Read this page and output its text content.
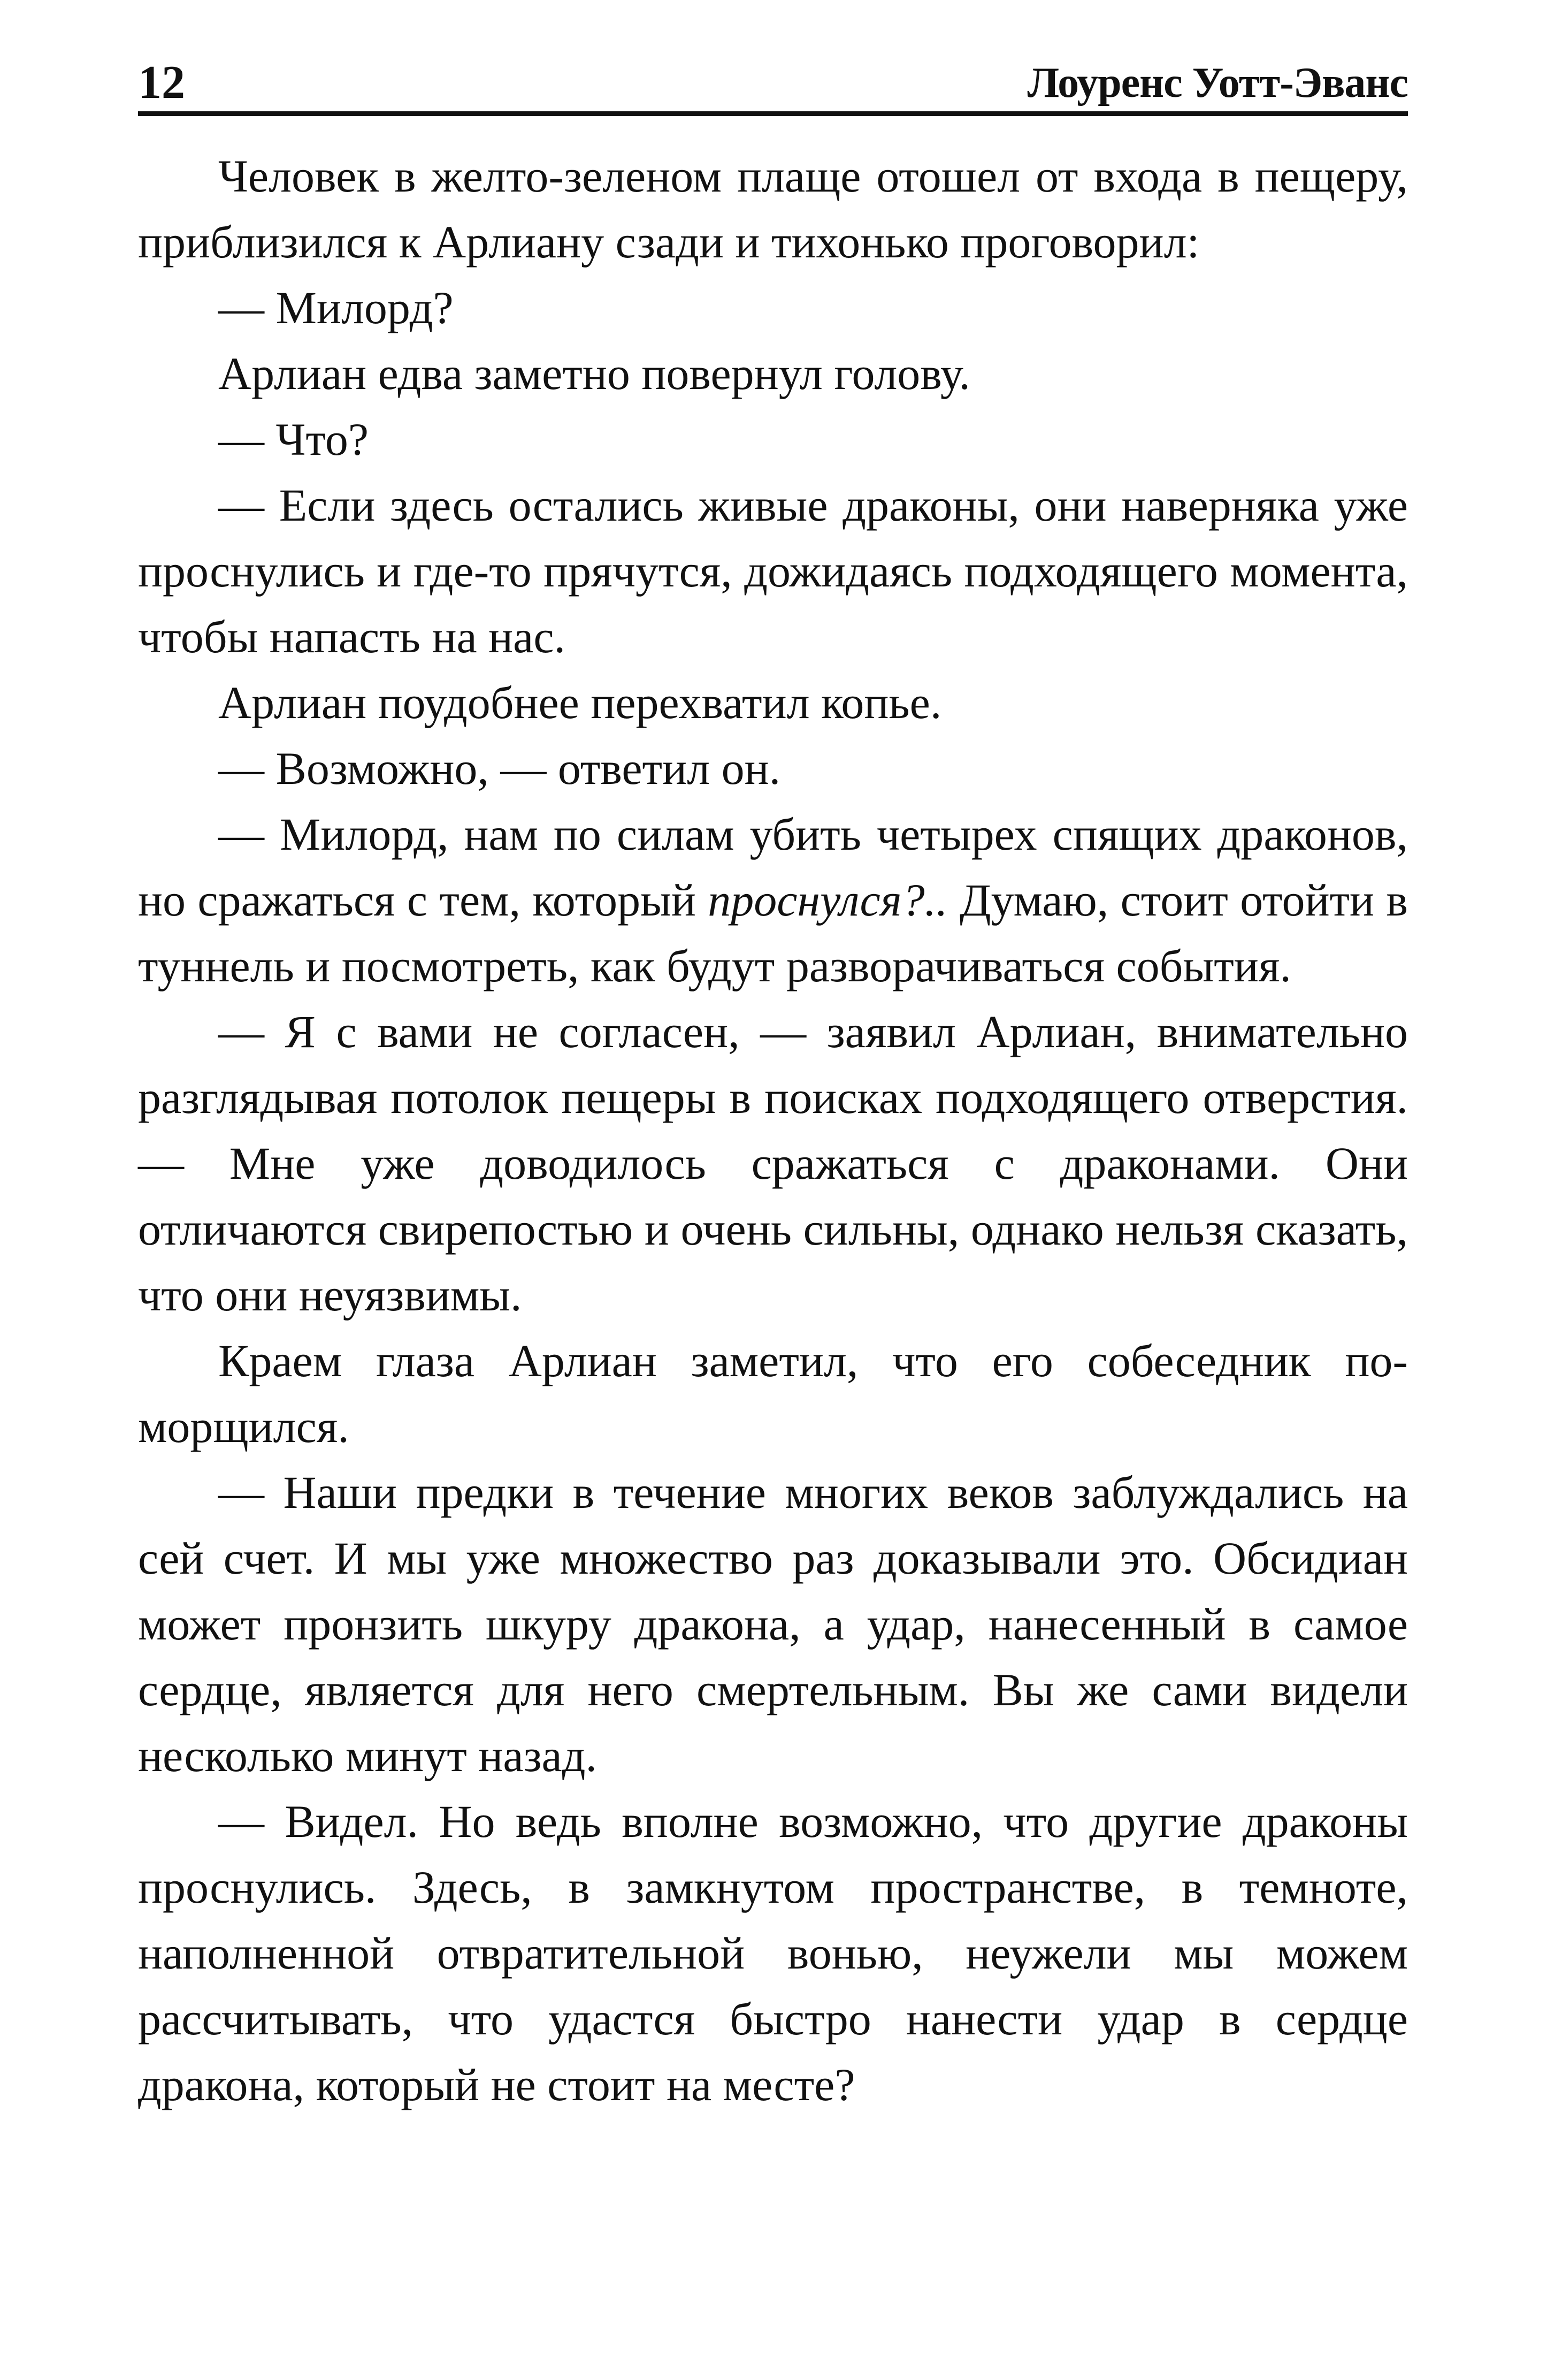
12	Лоуренс Уотт-Эванс

Человек в желто-зеленом плаще отошел от входа в пещеру, приблизился к Арлиану сзади и тихонько проговорил:

— Милорд?

Арлиан едва заметно повернул голову.

— Что?

— Если здесь остались живые драконы, они наверняка уже проснулись и где-то прячутся, дожидаясь подходящего момента, чтобы напасть на нас.

Арлиан поудобнее перехватил копье.

— Возможно, — ответил он.

— Милорд, нам по силам убить четырех спящих драконов, но сражаться с тем, который проснулся?.. Думаю, стоит отойти в туннель и посмотреть, как будут разворачиваться события.

— Я с вами не согласен, — заявил Арлиан, внимательно разглядывая потолок пещеры в поисках подходящего отверстия. — Мне уже доводилось сражаться с драконами. Они отличаются свирепостью и очень сильны, однако нельзя сказать, что они неуязвимы.

Краем глаза Арлиан заметил, что его собеседник поморщился.

— Наши предки в течение многих веков заблуждались на сей счет. И мы уже множество раз доказывали это. Обсидиан может пронзить шкуру дракона, а удар, нанесенный в самое сердце, является для него смертельным. Вы же сами видели несколько минут назад.

— Видел. Но ведь вполне возможно, что другие драконы проснулись. Здесь, в замкнутом пространстве, в темноте, наполненной отвратительной вонью, неужели мы можем рассчитывать, что удастся быстро нанести удар в сердце дракона, который не стоит на месте?
